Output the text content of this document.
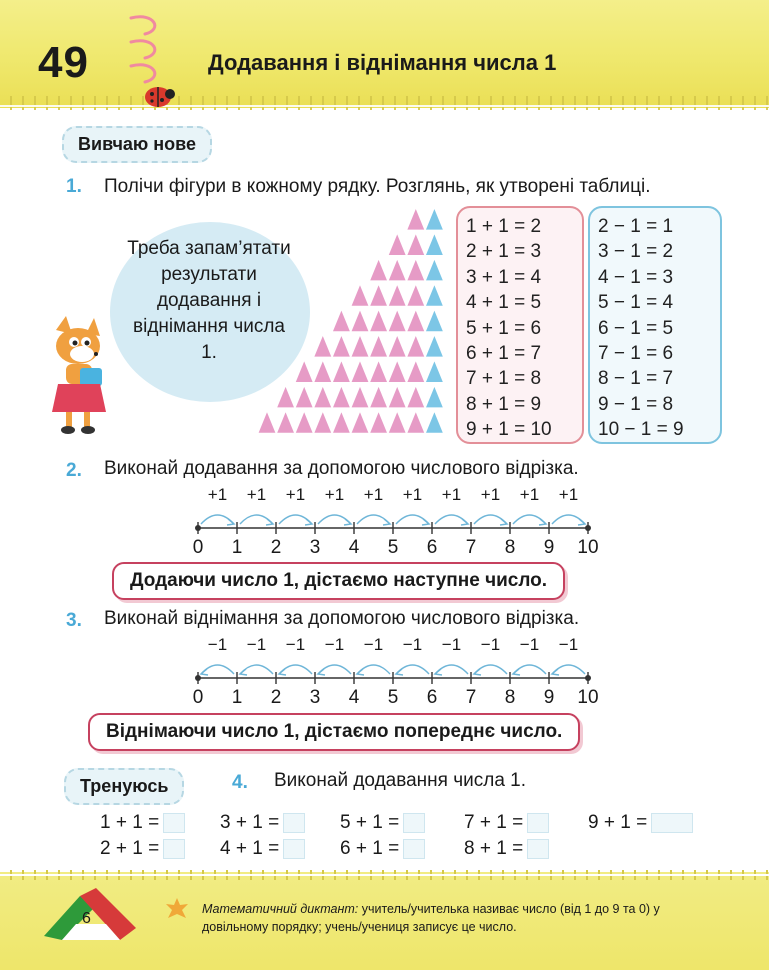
49	Додавання і віднімання числа 1
Вивчаю нове
1. Полічи фігури в кожному рядку. Розглянь, як утворені таблиці.
Треба запам’ятати результати додавання і віднімання числа 1.
1 + 1 = 2
2 + 1 = 3
3 + 1 = 4
4 + 1 = 5
5 + 1 = 6
6 + 1 = 7
7 + 1 = 8
8 + 1 = 9
9 + 1 = 10
2 − 1 = 1
3 − 1 = 2
4 − 1 = 3
5 − 1 = 4
6 − 1 = 5
7 − 1 = 6
8 − 1 = 7
9 − 1 = 8
10 − 1 = 9
2. Виконай додавання за допомогою числового відрізка.
0 1 2 3 4 5 6 7 8 9 10
+1 +1 +1 +1 +1 +1 +1 +1 +1 +1
Додаючи число 1, дістаємо наступне число.
3. Виконай віднімання за допомогою числового відрізка.
0 1 2 3 4 5 6 7 8 9 10
−1 −1 −1 −1 −1 −1 −1 −1 −1 −1
Віднімаючи число 1, дістаємо попереднє число.
Тренуюсь	4. Виконай додавання числа 1.
1 + 1 =	3 + 1 =	5 + 1 =	7 + 1 =	9 + 1 =
2 + 1 =	4 + 1 =	6 + 1 =	8 + 1 =
6
Математичний диктант: учитель/учителька називає число (від 1 до 9 та 0) у довільному порядку; учень/учениця записує це число.
